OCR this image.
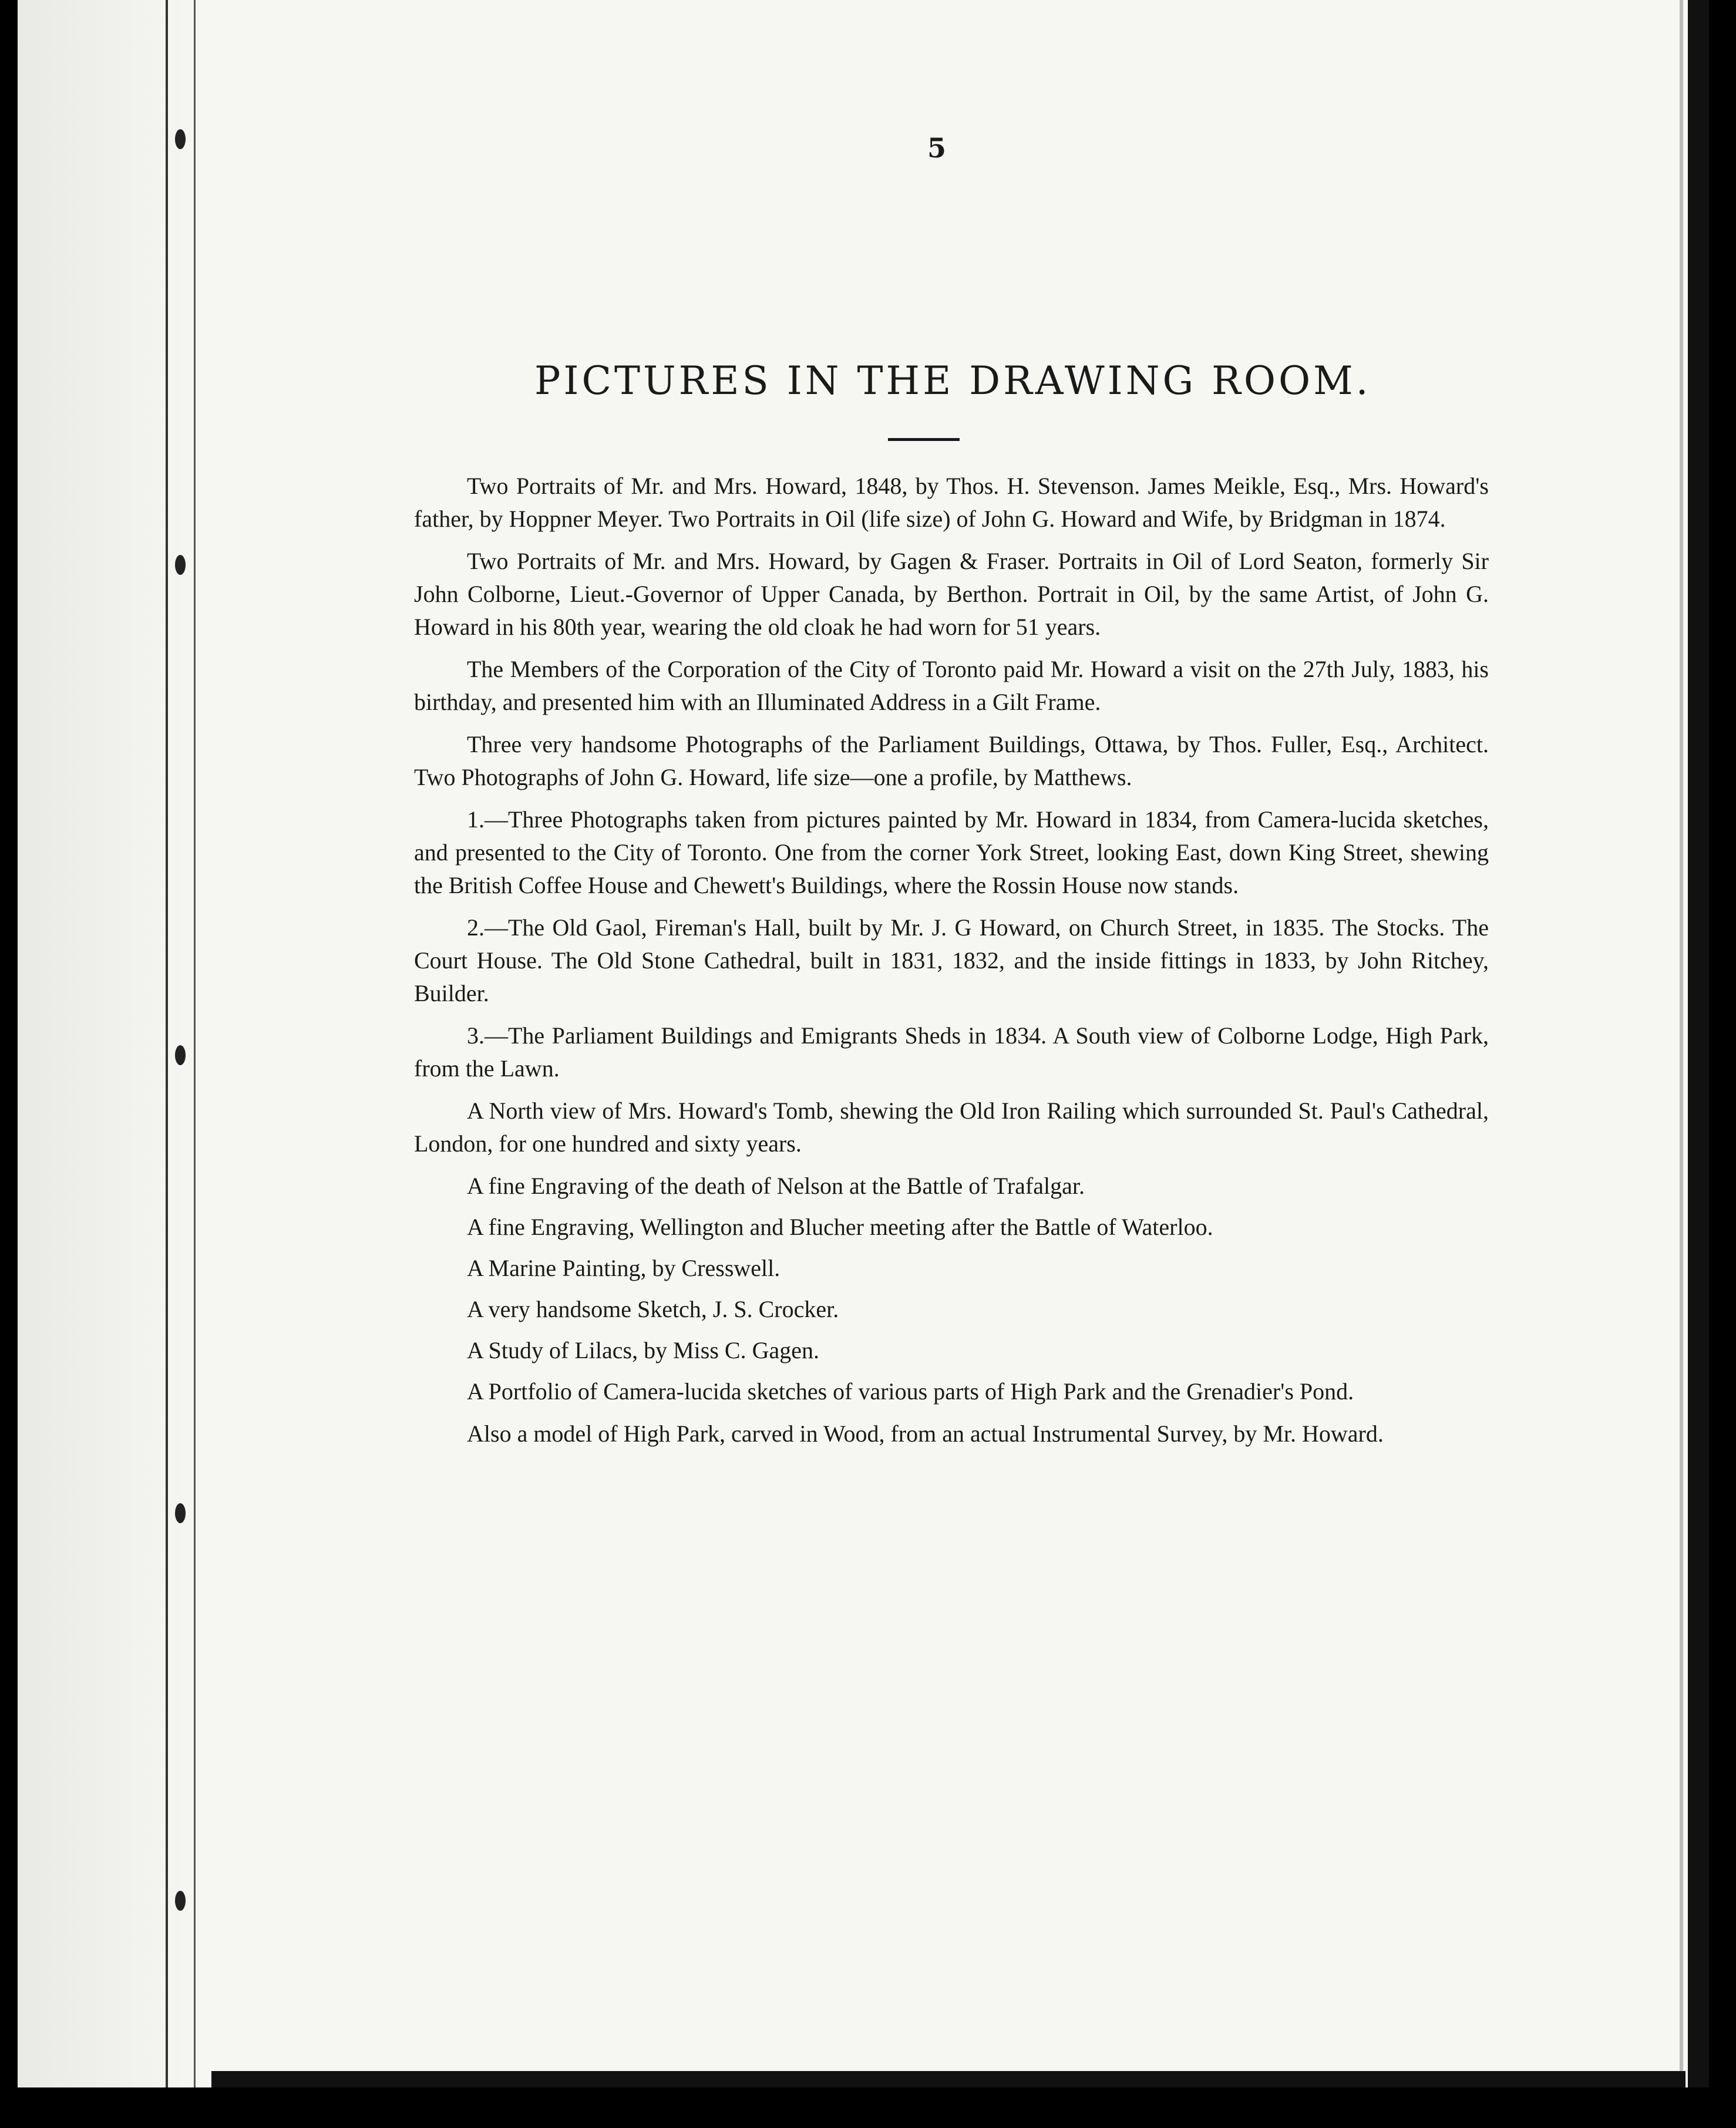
5
PICTURES IN THE DRAWING ROOM.

Two Portraits of Mr. and Mrs. Howard, 1848, by Thos. H. Stevenson. James Meikle, Esq., Mrs. Howard's father, by Hoppner Meyer. Two Portraits in Oil (life size) of John G. Howard and Wife, by Bridgman in 1874.

Two Portraits of Mr. and Mrs. Howard, by Gagen & Fraser. Portraits in Oil of Lord Seaton, formerly Sir John Colborne, Lieut.-Governor of Upper Canada, by Berthon. Portrait in Oil, by the same Artist, of John G. Howard in his 80th year, wearing the old cloak he had worn for 51 years.

The Members of the Corporation of the City of Toronto paid Mr. Howard a visit on the 27th July, 1883, his birthday, and presented him with an Illuminated Address in a Gilt Frame.

Three very handsome Photographs of the Parliament Buildings, Ottawa, by Thos. Fuller, Esq., Architect. Two Photographs of John G. Howard, life size—one a profile, by Matthews.

1.—Three Photographs taken from pictures painted by Mr. Howard in 1834, from Camera-lucida sketches, and presented to the City of Toronto. One from the corner York Street, looking East, down King Street, shewing the British Coffee House and Chewett's Buildings, where the Rossin House now stands.

2.—The Old Gaol, Fireman's Hall, built by Mr. J. G Howard, on Church Street, in 1835. The Stocks. The Court House. The Old Stone Cathedral, built in 1831, 1832, and the inside fittings in 1833, by John Ritchey, Builder.

3.—The Parliament Buildings and Emigrants Sheds in 1834. A South view of Colborne Lodge, High Park, from the Lawn.

A North view of Mrs. Howard's Tomb, shewing the Old Iron Railing which surrounded St. Paul's Cathedral, London, for one hundred and sixty years.

A fine Engraving of the death of Nelson at the Battle of Trafalgar.

A fine Engraving, Wellington and Blucher meeting after the Battle of Waterloo.

A Marine Painting, by Cresswell.

A very handsome Sketch, J. S. Crocker.

A Study of Lilacs, by Miss C. Gagen.

A Portfolio of Camera-lucida sketches of various parts of High Park and the Grenadier's Pond.

Also a model of High Park, carved in Wood, from an actual Instrumental Survey, by Mr. Howard.
